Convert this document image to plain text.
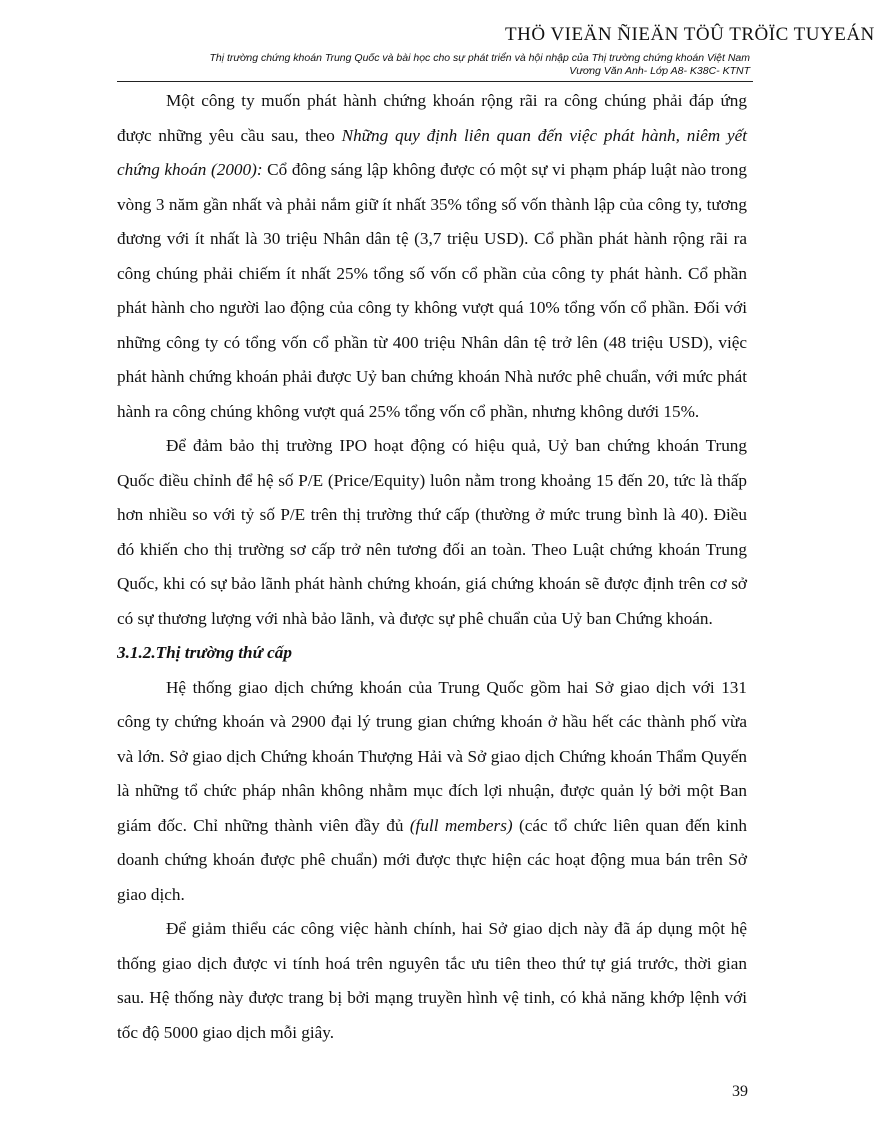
THÖ VIEÄN ÑIEÄN TÖÛ TRÖÏC TUYEÁN
Thị trường chứng khoán Trung Quốc và bài học cho sự phát triển và hội nhập của Thị trường chứng khoán Việt Nam
Vương Văn Anh- Lớp A8- K38C- KTNT

Một công ty muốn phát hành chứng khoán rộng rãi ra công chúng phải đáp ứng được những yêu cầu sau, theo Những quy định liên quan đến việc phát hành, niêm yết chứng khoán (2000): Cổ đông sáng lập không được có một sự vi phạm pháp luật nào trong vòng 3 năm gần nhất và phải nắm giữ ít nhất 35% tổng số vốn thành lập của công ty, tương đương với ít nhất là 30 triệu Nhân dân tệ (3,7 triệu USD). Cổ phần phát hành rộng rãi ra công chúng phải chiếm ít nhất 25% tổng số vốn cổ phần của công ty phát hành. Cổ phần phát hành cho người lao động của công ty không vượt quá 10% tổng vốn cổ phần. Đối với những công ty có tổng vốn cổ phần từ 400 triệu Nhân dân tệ trở lên (48 triệu USD), việc phát hành chứng khoán phải được Uỷ ban chứng khoán Nhà nước phê chuẩn, với mức phát hành ra công chúng không vượt quá 25% tổng vốn cổ phần, nhưng không dưới 15%.

Để đảm bảo thị trường IPO hoạt động có hiệu quả, Uỷ ban chứng khoán Trung Quốc điều chỉnh để hệ số P/E (Price/Equity) luôn nằm trong khoảng 15 đến 20, tức là thấp hơn nhiều so với tỷ số P/E trên thị trường thứ cấp (thường ở mức trung bình là 40). Điều đó khiến cho thị trường sơ cấp trở nên tương đối an toàn. Theo Luật chứng khoán Trung Quốc, khi có sự bảo lãnh phát hành chứng khoán, giá chứng khoán sẽ được định trên cơ sở có sự thương lượng với nhà bảo lãnh, và được sự phê chuẩn của Uỷ ban Chứng khoán.

3.1.2.Thị trường thứ cấp

Hệ thống giao dịch chứng khoán của Trung Quốc gồm hai Sở giao dịch với 131 công ty chứng khoán và 2900 đại lý trung gian chứng khoán ở hầu hết các thành phố vừa và lớn. Sở giao dịch Chứng khoán Thượng Hải và Sở giao dịch Chứng khoán Thẩm Quyến là những tổ chức pháp nhân không nhằm mục đích lợi nhuận, được quản lý bởi một Ban giám đốc. Chỉ những thành viên đầy đủ (full members) (các tổ chức liên quan đến kinh doanh chứng khoán được phê chuẩn) mới được thực hiện các hoạt động mua bán trên Sở giao dịch.

Để giảm thiểu các công việc hành chính, hai Sở giao dịch này đã áp dụng một hệ thống giao dịch được vi tính hoá trên nguyên tắc ưu tiên theo thứ tự giá trước, thời gian sau. Hệ thống này được trang bị bởi mạng truyền hình vệ tinh, có khả năng khớp lệnh với tốc độ 5000 giao dịch mỗi giây.

39
